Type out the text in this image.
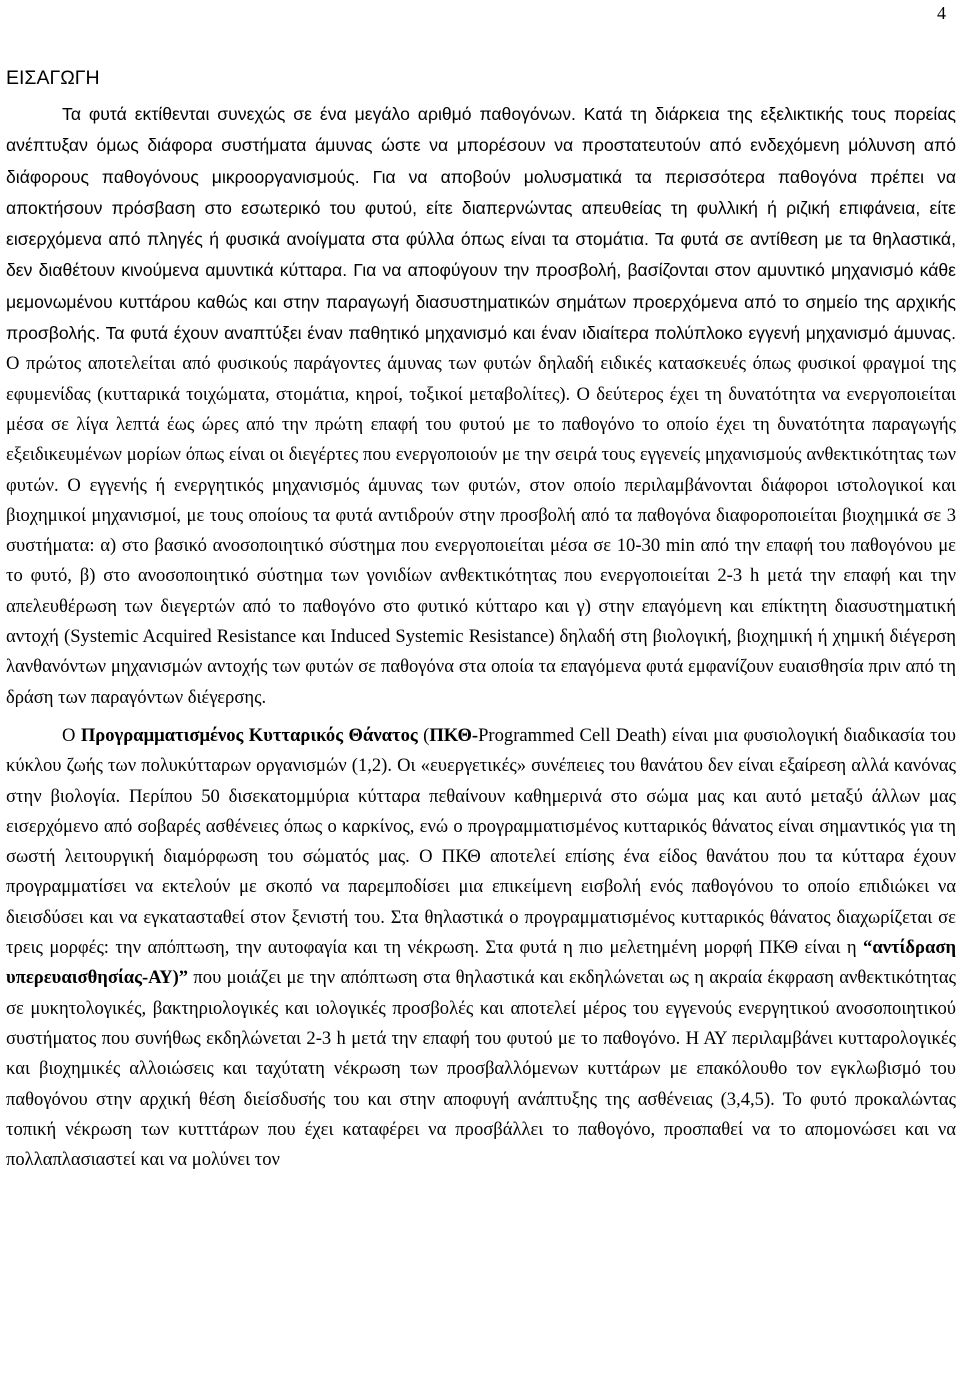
4
ΕΙΣΑΓΩΓΗ

Τα φυτά εκτίθενται συνεχώς σε ένα μεγάλο αριθμό παθογόνων. Κατά τη διάρκεια της εξελικτικής τους πορείας ανέπτυξαν όμως διάφορα συστήματα άμυνας ώστε να μπορέσουν να προστατευτούν από ενδεχόμενη μόλυνση από διάφορους παθογόνους μικροοργανισμούς. Για να αποβούν μολυσματικά τα περισσότερα παθογόνα πρέπει να αποκτήσουν πρόσβαση στο εσωτερικό του φυτού, είτε διαπερνώντας απευθείας τη φυλλική ή ριζική επιφάνεια, είτε εισερχόμενα από πληγές ή φυσικά ανοίγματα στα φύλλα όπως είναι τα στομάτια. Τα φυτά σε αντίθεση με τα θηλαστικά, δεν διαθέτουν κινούμενα αμυντικά κύτταρα. Για να αποφύγουν την προσβολή, βασίζονται στον αμυντικό μηχανισμό κάθε μεμονωμένου κυττάρου καθώς και στην παραγωγή διασυστηματικών σημάτων προερχόμενα από το σημείο της αρχικής προσβολής. Τα φυτά έχουν αναπτύξει έναν παθητικό μηχανισμό και έναν ιδιαίτερα πολύπλοκο εγγενή μηχανισμό άμυνας. Ο πρώτος αποτελείται από φυσικούς παράγοντες άμυνας των φυτών δηλαδή ειδικές κατασκευές όπως φυσικοί φραγμοί της εφυμενίδας (κυτταρικά τοιχώματα, στομάτια, κηροί, τοξικοί μεταβολίτες). Ο δεύτερος έχει τη δυνατότητα να ενεργοποιείται μέσα σε λίγα λεπτά έως ώρες από την πρώτη επαφή του φυτού με το παθογόνο το οποίο έχει τη δυνατότητα παραγωγής εξειδικευμένων μορίων όπως είναι οι διεγέρτες που ενεργοποιούν με την σειρά τους εγγενείς μηχανισμούς ανθεκτικότητας των φυτών. Ο εγγενής ή ενεργητικός μηχανισμός άμυνας των φυτών, στον οποίο περιλαμβάνονται διάφοροι ιστολογικοί και βιοχημικοί μηχανισμοί, με τους οποίους τα φυτά αντιδρούν στην προσβολή από τα παθογόνα διαφοροποιείται βιοχημικά σε 3 συστήματα: α) στο βασικό ανοσοποιητικό σύστημα που ενεργοποιείται μέσα σε 10-30 min από την επαφή του παθογόνου με το φυτό, β) στο ανοσοποιητικό σύστημα των γονιδίων ανθεκτικότητας που ενεργοποιείται 2-3 h μετά την επαφή και την απελευθέρωση των διεγερτών από το παθογόνο στο φυτικό κύτταρο και γ) στην επαγόμενη και επίκτητη διασυστηματική αντοχή (Systemic Acquired Resistance και Induced Systemic Resistance) δηλαδή στη βιολογική, βιοχημική ή χημική διέγερση λανθανόντων μηχανισμών αντοχής των φυτών σε παθογόνα στα οποία τα επαγόμενα φυτά εμφανίζουν ευαισθησία πριν από τη δράση των παραγόντων διέγερσης.

Ο Προγραμματισμένος Κυτταρικός Θάνατος (ΠΚΘ-Programmed Cell Death) είναι μια φυσιολογική διαδικασία του κύκλου ζωής των πολυκύτταρων οργανισμών (1,2). Οι «ευεργετικές» συνέπειες του θανάτου δεν είναι εξαίρεση αλλά κανόνας στην βιολογία. Περίπου 50 δισεκατομμύρια κύτταρα πεθαίνουν καθημερινά στο σώμα μας και αυτό μεταξύ άλλων μας εισερχόμενο από σοβαρές ασθένειες όπως ο καρκίνος, ενώ ο προγραμματισμένος κυτταρικός θάνατος είναι σημαντικός για τη σωστή λειτουργική διαμόρφωση του σώματός μας. Ο ΠΚΘ αποτελεί επίσης ένα είδος θανάτου που τα κύτταρα έχουν προγραμματίσει να εκτελούν με σκοπό να παρεμποδίσει μια επικείμενη εισβολή ενός παθογόνου το οποίο επιδιώκει να διεισδύσει και να εγκατασταθεί στον ξενιστή του. Στα θηλαστικά ο προγραμματισμένος κυτταρικός θάνατος διαχωρίζεται σε τρεις μορφές: την απόπτωση, την αυτοφαγία και τη νέκρωση. Στα φυτά η πιο μελετημένη μορφή ΠΚΘ είναι η “αντίδραση υπερευαισθησίας-ΑΥ)” που μοιάζει με την απόπτωση στα θηλαστικά και εκδηλώνεται ως η ακραία έκφραση ανθεκτικότητας σε μυκητολογικές, βακτηριολογικές και ιολογικές προσβολές και αποτελεί μέρος του εγγενούς ενεργητικού ανοσοποιητικού συστήματος που συνήθως εκδηλώνεται 2-3 h μετά την επαφή του φυτού με το παθογόνο. Η ΑΥ περιλαμβάνει κυτταρολογικές και βιοχημικές αλλοιώσεις και ταχύτατη νέκρωση των προσβαλλόμενων κυττάρων με επακόλουθο τον εγκλωβισμό του παθογόνου στην αρχική θέση διείσδυσής του και στην αποφυγή ανάπτυξης της ασθένειας (3,4,5). Το φυτό προκαλώντας τοπική νέκρωση των κυτττάρων που έχει καταφέρει να προσβάλλει το παθογόνο, προσπαθεί να το απομονώσει και να πολλαπλασιαστεί και να μολύνει τον
